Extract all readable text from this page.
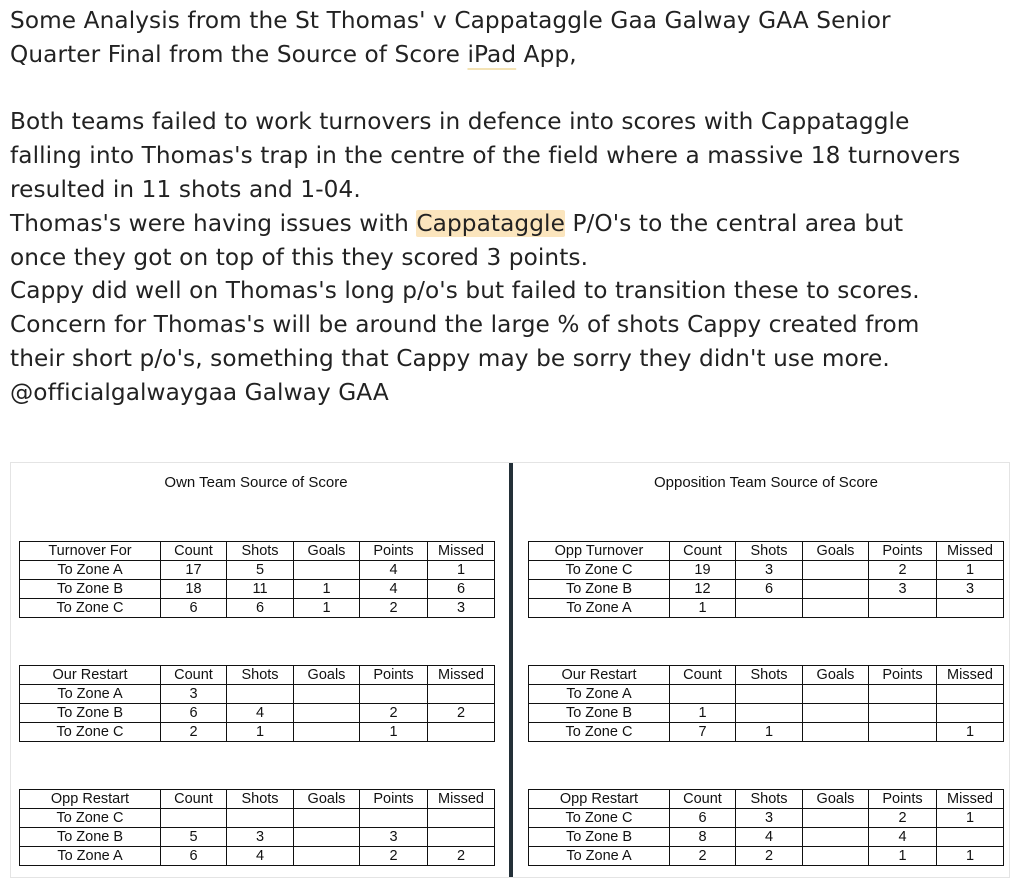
Some Analysis from the St Thomas' v Cappataggle Gaa Galway GAA Senior

Quarter Final from the Source of Score iPad App,

Both teams failed to work turnovers in defence into scores with Cappataggle

falling into Thomas's trap in the centre of the field where a massive 18 turnovers

resulted in 11 shots and 1-04.

Thomas's were having issues with Cappataggle P/O's to the central area but

once they got on top of this they scored 3 points.

Cappy did well on Thomas's long p/o's but failed to transition these to scores.

Concern for Thomas's will be around the large % of shots Cappy created from

their short p/o's, something that Cappy may be sorry they didn't use more.

@officialgalwaygaa Galway GAA

Own Team Source of Score
Turnover For	Count	Shots	Goals	Points	Missed
To Zone A	17	5		4	1
To Zone B	18	11	1	4	6
To Zone C	6	6	1	2	3
Our Restart	Count	Shots	Goals	Points	Missed
To Zone A	3				
To Zone B	6	4		2	2
To Zone C	2	1		1	
Opp Restart	Count	Shots	Goals	Points	Missed
To Zone C					
To Zone B	5	3		3	
To Zone A	6	4		2	2
Opposition Team Source of Score
Opp Turnover	Count	Shots	Goals	Points	Missed
To Zone C	19	3		2	1
To Zone B	12	6		3	3
To Zone A	1				
Our Restart	Count	Shots	Goals	Points	Missed
To Zone A					
To Zone B	1				
To Zone C	7	1			1
Opp Restart	Count	Shots	Goals	Points	Missed
To Zone C	6	3		2	1
To Zone B	8	4		4	
To Zone A	2	2		1	1
